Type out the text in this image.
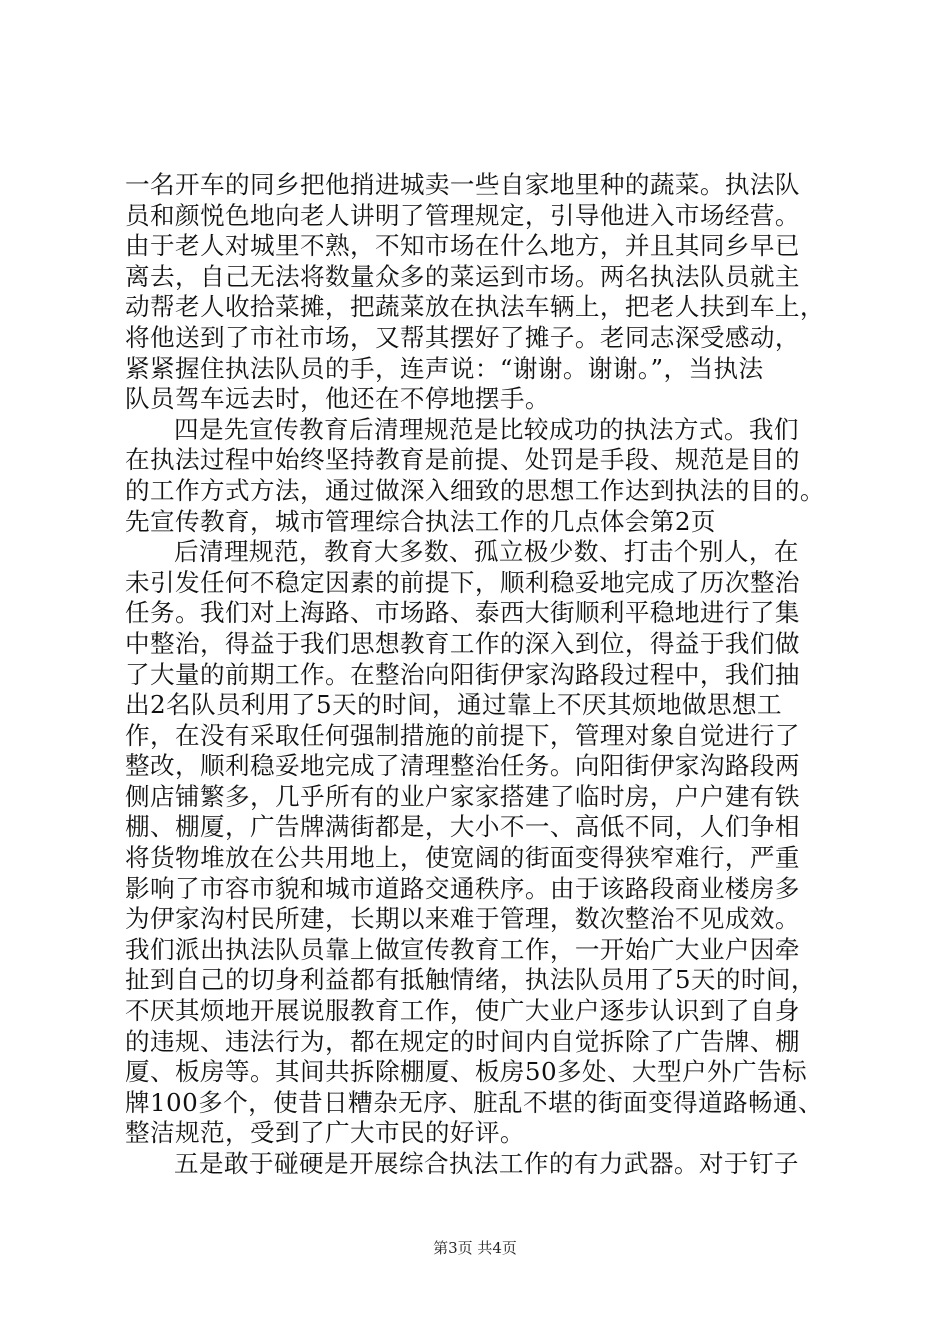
一名开车的同乡把他捎进城卖一些自家地里种的蔬菜。执法队
员和颜悦色地向老人讲明了管理规定，引导他进入市场经营。
由于老人对城里不熟，不知市场在什么地方，并且其同乡早已
离去，自己无法将数量众多的菜运到市场。两名执法队员就主
动帮老人收拾菜摊，把蔬菜放在执法车辆上，把老人扶到车上，
将他送到了市社市场，又帮其摆好了摊子。老同志深受感动，
紧紧握住执法队员的手，连声说：“谢谢。谢谢。”，当执法
队员驾车远去时，他还在不停地摆手。
四是先宣传教育后清理规范是比较成功的执法方式。我们
在执法过程中始终坚持教育是前提、处罚是手段、规范是目的
的工作方式方法，通过做深入细致的思想工作达到执法的目的。
先宣传教育，城市管理综合执法工作的几点体会第2页
后清理规范，教育大多数、孤立极少数、打击个别人，在
未引发任何不稳定因素的前提下，顺利稳妥地完成了历次整治
任务。我们对上海路、市场路、泰西大街顺利平稳地进行了集
中整治，得益于我们思想教育工作的深入到位，得益于我们做
了大量的前期工作。在整治向阳街伊家沟路段过程中，我们抽
出2名队员利用了5天的时间，通过靠上不厌其烦地做思想工
作，在没有采取任何强制措施的前提下，管理对象自觉进行了
整改，顺利稳妥地完成了清理整治任务。向阳街伊家沟路段两
侧店铺繁多，几乎所有的业户家家搭建了临时房，户户建有铁
棚、棚厦，广告牌满街都是，大小不一、高低不同，人们争相
将货物堆放在公共用地上，使宽阔的街面变得狭窄难行，严重
影响了市容市貌和城市道路交通秩序。由于该路段商业楼房多
为伊家沟村民所建，长期以来难于管理，数次整治不见成效。
我们派出执法队员靠上做宣传教育工作，一开始广大业户因牵
扯到自己的切身利益都有抵触情绪，执法队员用了5天的时间，
不厌其烦地开展说服教育工作，使广大业户逐步认识到了自身
的违规、违法行为，都在规定的时间内自觉拆除了广告牌、棚
厦、板房等。其间共拆除棚厦、板房50多处、大型户外广告标
牌100多个，使昔日糟杂无序、脏乱不堪的街面变得道路畅通、
整洁规范，受到了广大市民的好评。
五是敢于碰硬是开展综合执法工作的有力武器。对于钉子
第3页 共4页
